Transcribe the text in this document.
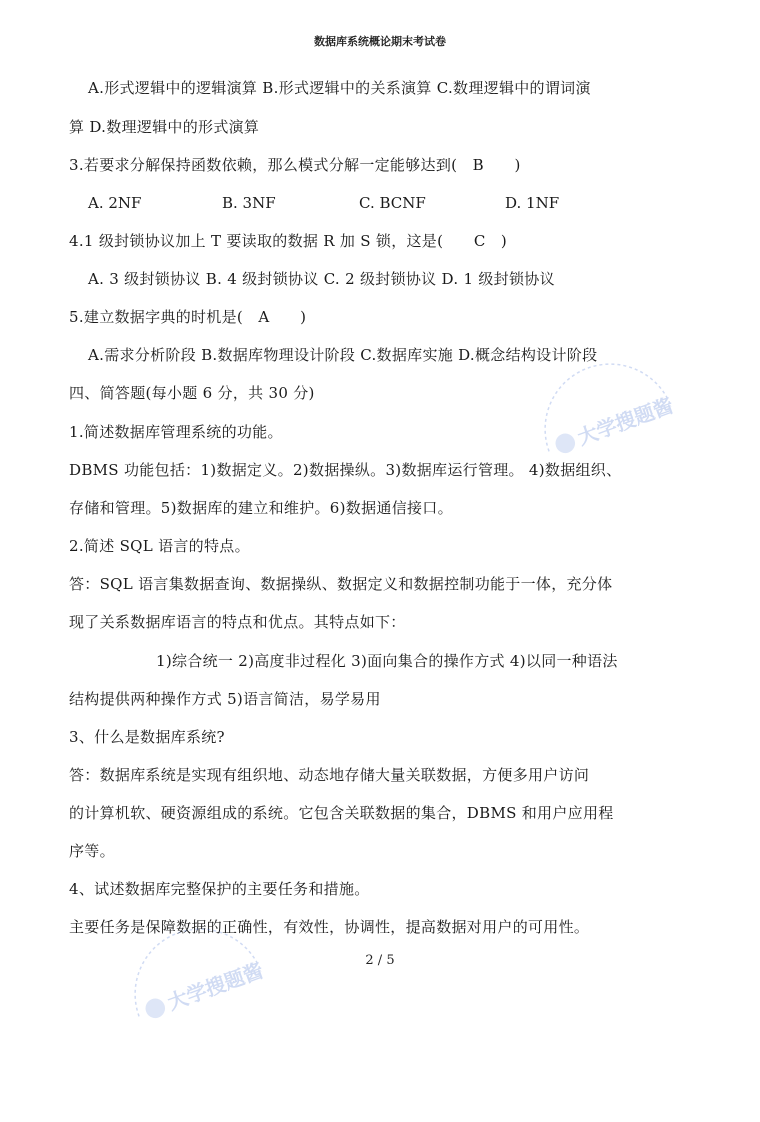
数据库系统概论期末考试卷
A.形式逻辑中的逻辑演算 B.形式逻辑中的关系演算 C.数理逻辑中的谓词演
算 D.数理逻辑中的形式演算
3.若要求分解保持函数依赖，那么模式分解一定能够达到(　B　　)
A. 2NF	B. 3NF	C. BCNF	D. 1NF
4.1 级封锁协议加上 T 要读取的数据 R 加 S 锁，这是(　　C　)
A. 3 级封锁协议 B. 4 级封锁协议 C. 2 级封锁协议 D. 1 级封锁协议
5.建立数据字典的时机是(　A　　)
A.需求分析阶段 B.数据库物理设计阶段 C.数据库实施 D.概念结构设计阶段
四、简答题(每小题 6 分，共 30 分)
1.简述数据库管理系统的功能。
DBMS 功能包括：1)数据定义。2)数据操纵。3)数据库运行管理。 4)数据组织、
存储和管理。5)数据库的建立和维护。6)数据通信接口。
2.简述 SQL 语言的特点。
答：SQL 语言集数据查询、数据操纵、数据定义和数据控制功能于一体，充分体
现了关系数据库语言的特点和优点。其特点如下：
1)综合统一 2)高度非过程化 3)面向集合的操作方式 4)以同一种语法
结构提供两种操作方式 5)语言简洁，易学易用
3、什么是数据库系统?
答：数据库系统是实现有组织地、动态地存储大量关联数据，方便多用户访问
的计算机软、硬资源组成的系统。它包含关联数据的集合，DBMS 和用户应用程
序等。
4、试述数据库完整保护的主要任务和措施。
主要任务是保障数据的正确性，有效性，协调性，提高数据对用户的可用性。
2 / 5
大学搜题酱
大学搜题酱
